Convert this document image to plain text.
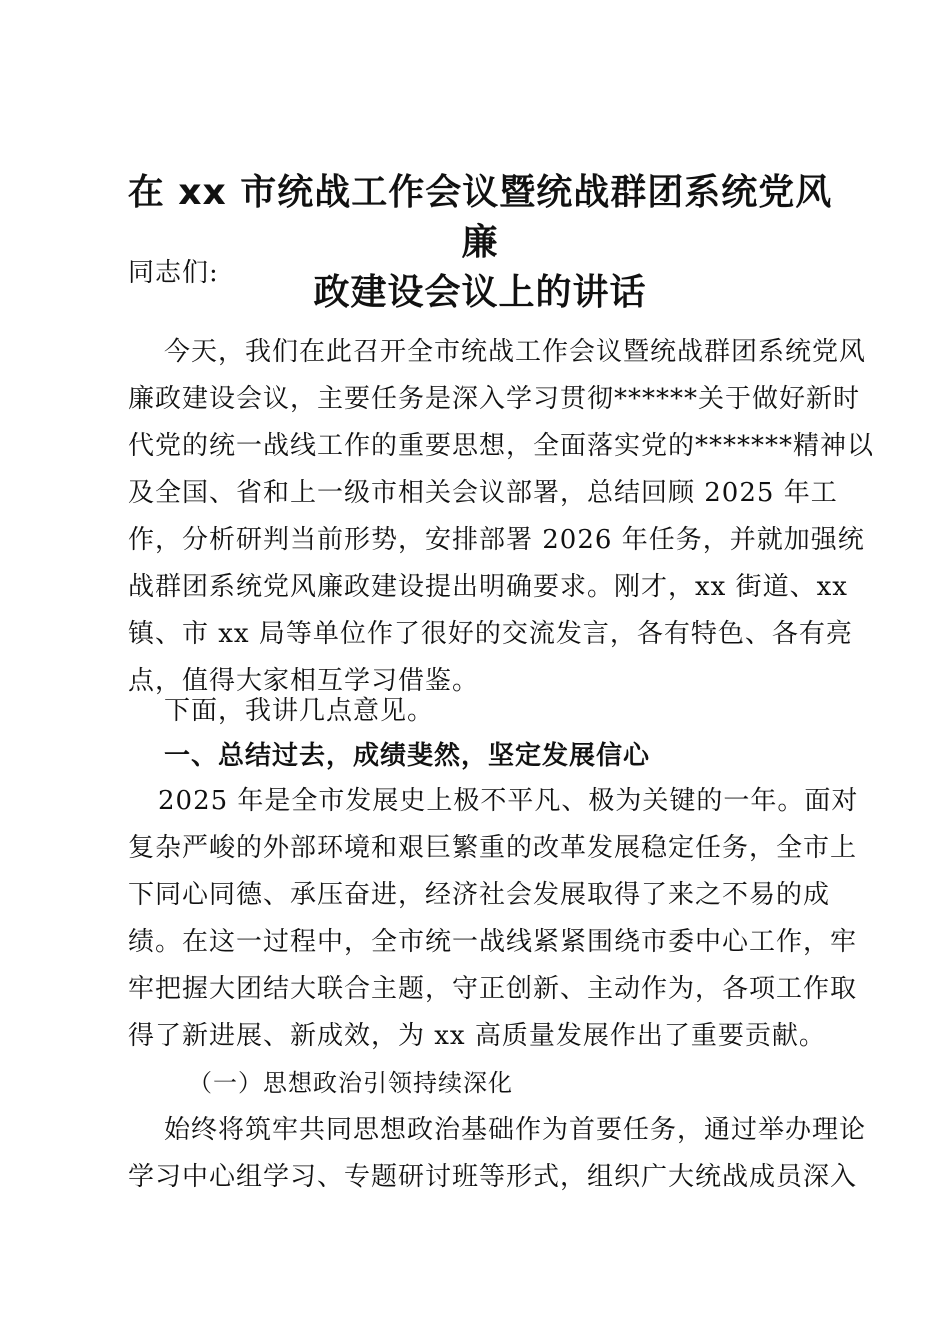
在 xx 市统战工作会议暨统战群团系统党风廉
政建设会议上的讲话
同志们:
今天，我们在此召开全市统战工作会议暨统战群团系统党风
廉政建设会议，主要任务是深入学习贯彻******关于做好新时
代党的统一战线工作的重要思想，全面落实党的*******精神以
及全国、省和上一级市相关会议部署，总结回顾 2025 年工
作，分析研判当前形势，安排部署 2026 年任务，并就加强统
战群团系统党风廉政建设提出明确要求。刚才，xx 街道、xx
镇、市 xx 局等单位作了很好的交流发言，各有特色、各有亮
点，值得大家相互学习借鉴。
下面，我讲几点意见。
一、总结过去，成绩斐然，坚定发展信心
2025 年是全市发展史上极不平凡、极为关键的一年。面对
复杂严峻的外部环境和艰巨繁重的改革发展稳定任务，全市上
下同心同德、承压奋进，经济社会发展取得了来之不易的成
绩。在这一过程中，全市统一战线紧紧围绕市委中心工作，牢
牢把握大团结大联合主题，守正创新、主动作为，各项工作取
得了新进展、新成效，为 xx 高质量发展作出了重要贡献。
（一）思想政治引领持续深化
始终将筑牢共同思想政治基础作为首要任务，通过举办理论
学习中心组学习、专题研讨班等形式，组织广大统战成员深入
